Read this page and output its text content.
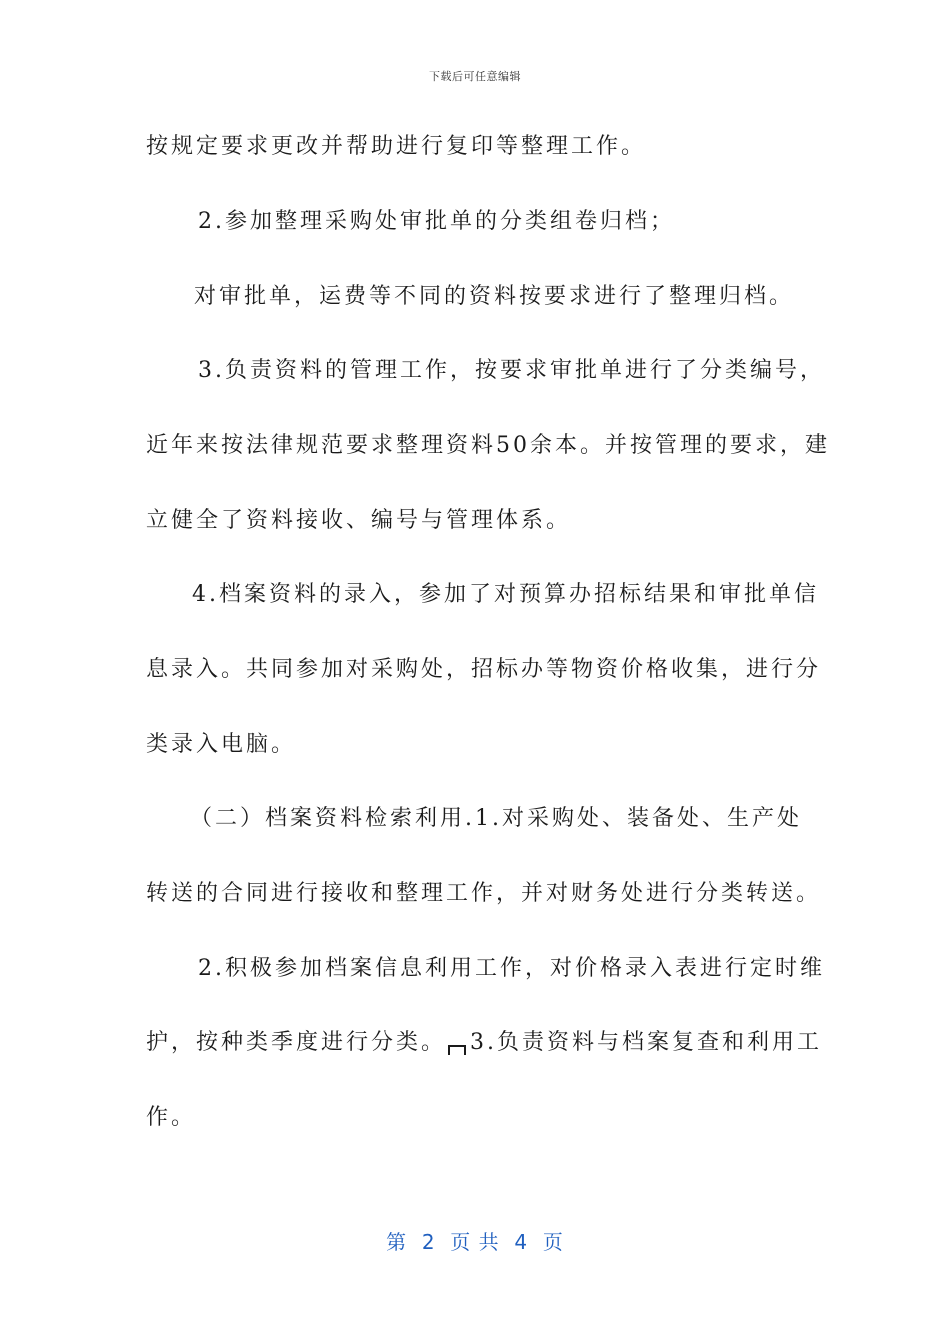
下载后可任意编辑
按规定要求更改并帮助进行复印等整理工作。
2.参加整理采购处审批单的分类组卷归档；
对审批单，运费等不同的资料按要求进行了整理归档。
3.负责资料的管理工作，按要求审批单进行了分类编号，
近年来按法律规范要求整理资料50余本。并按管理的要求，建
立健全了资料接收、编号与管理体系。
4.档案资料的录入，参加了对预算办招标结果和审批单信
息录入。共同参加对采购处，招标办等物资价格收集，进行分
类录入电脑。
（二）档案资料检索利用.1.对采购处、装备处、生产处
转送的合同进行接收和整理工作，并对财务处进行分类转送。
2.积极参加档案信息利用工作，对价格录入表进行定时维
护，按种类季度进行分类。 3.负责资料与档案复查和利用工
作。
第  2  页 共  4  页
